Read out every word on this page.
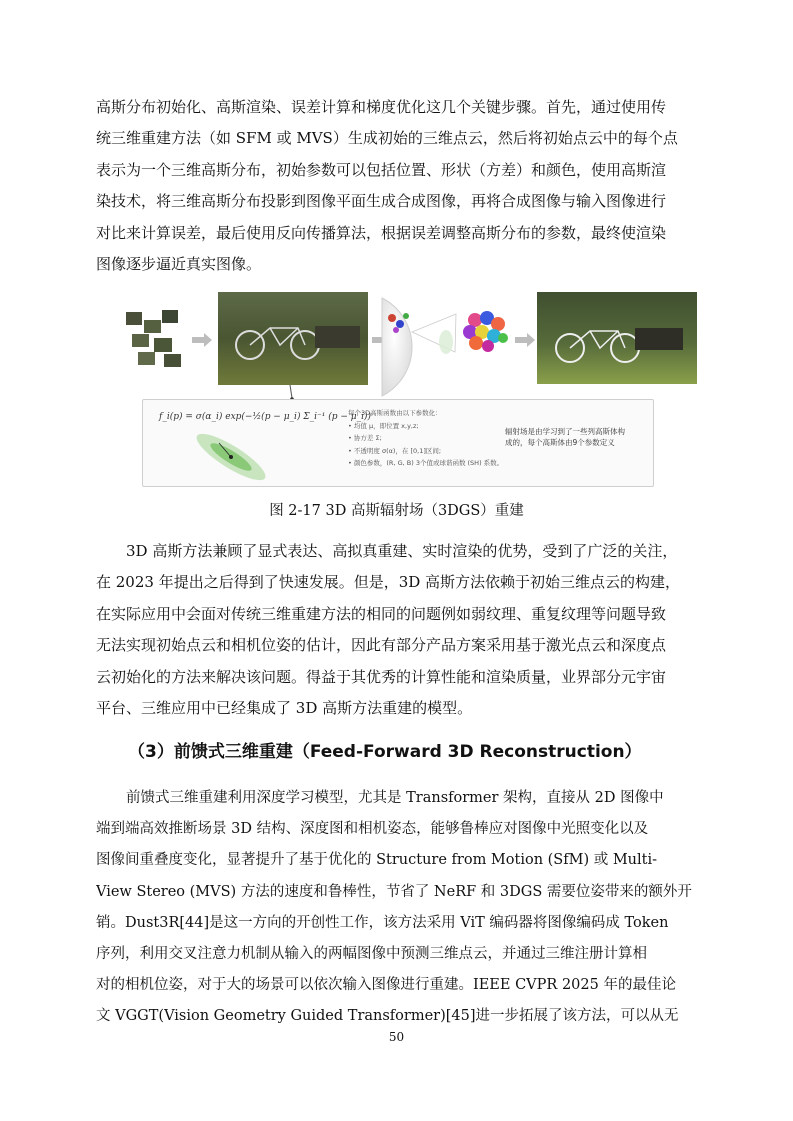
高斯分布初始化、高斯渲染、误差计算和梯度优化这几个关键步骤。首先，通过使用传
统三维重建方法（如 SFM 或 MVS）生成初始的三维点云，然后将初始点云中的每个点
表示为一个三维高斯分布，初始参数可以包括位置、形状（方差）和颜色，使用高斯渲
染技术，将三维高斯分布投影到图像平面生成合成图像，再将合成图像与输入图像进行
对比来计算误差，最后使用反向传播算法，根据误差调整高斯分布的参数，最终使渲染
图像逐步逼近真实图像。
f_i(p) = σ(α_i) exp(−½(p − μ_i) Σ_i⁻¹ (p − μ_i))
每个3D高斯函数由以下参数化：
• 均值 μ，即位置 x,y,z;
• 协方差 Σ;
• 不透明度 σ(α)，在 [0,1]区间;
• 颜色参数，(R, G, B) 3个值或球谐函数 (SH) 系数。
辐射场是由学习到了一些列高斯体构
成的，每个高斯体由9个参数定义
图 2-17 3D 高斯辐射场（3DGS）重建
3D 高斯方法兼顾了显式表达、高拟真重建、实时渲染的优势，受到了广泛的关注，
在 2023 年提出之后得到了快速发展。但是，3D 高斯方法依赖于初始三维点云的构建，
在实际应用中会面对传统三维重建方法的相同的问题例如弱纹理、重复纹理等问题导致
无法实现初始点云和相机位姿的估计，因此有部分产品方案采用基于激光点云和深度点
云初始化的方法来解决该问题。得益于其优秀的计算性能和渲染质量，业界部分元宇宙
平台、三维应用中已经集成了 3D 高斯方法重建的模型。
（3）前馈式三维重建（Feed-Forward 3D Reconstruction）
前馈式三维重建利用深度学习模型，尤其是 Transformer 架构，直接从 2D 图像中
端到端高效推断场景 3D 结构、深度图和相机姿态，能够鲁棒应对图像中光照变化以及
图像间重叠度变化，显著提升了基于优化的 Structure from Motion (SfM) 或 Multi-
View Stereo (MVS) 方法的速度和鲁棒性，节省了 NeRF 和 3DGS 需要位姿带来的额外开
销。Dust3R[44]是这一方向的开创性工作，该方法采用 ViT 编码器将图像编码成 Token
序列，利用交叉注意力机制从输入的两幅图像中预测三维点云，并通过三维注册计算相
对的相机位姿，对于大的场景可以依次输入图像进行重建。IEEE CVPR 2025 年的最佳论
文 VGGT(Vision Geometry Guided Transformer)[45]进一步拓展了该方法，可以从无
50
